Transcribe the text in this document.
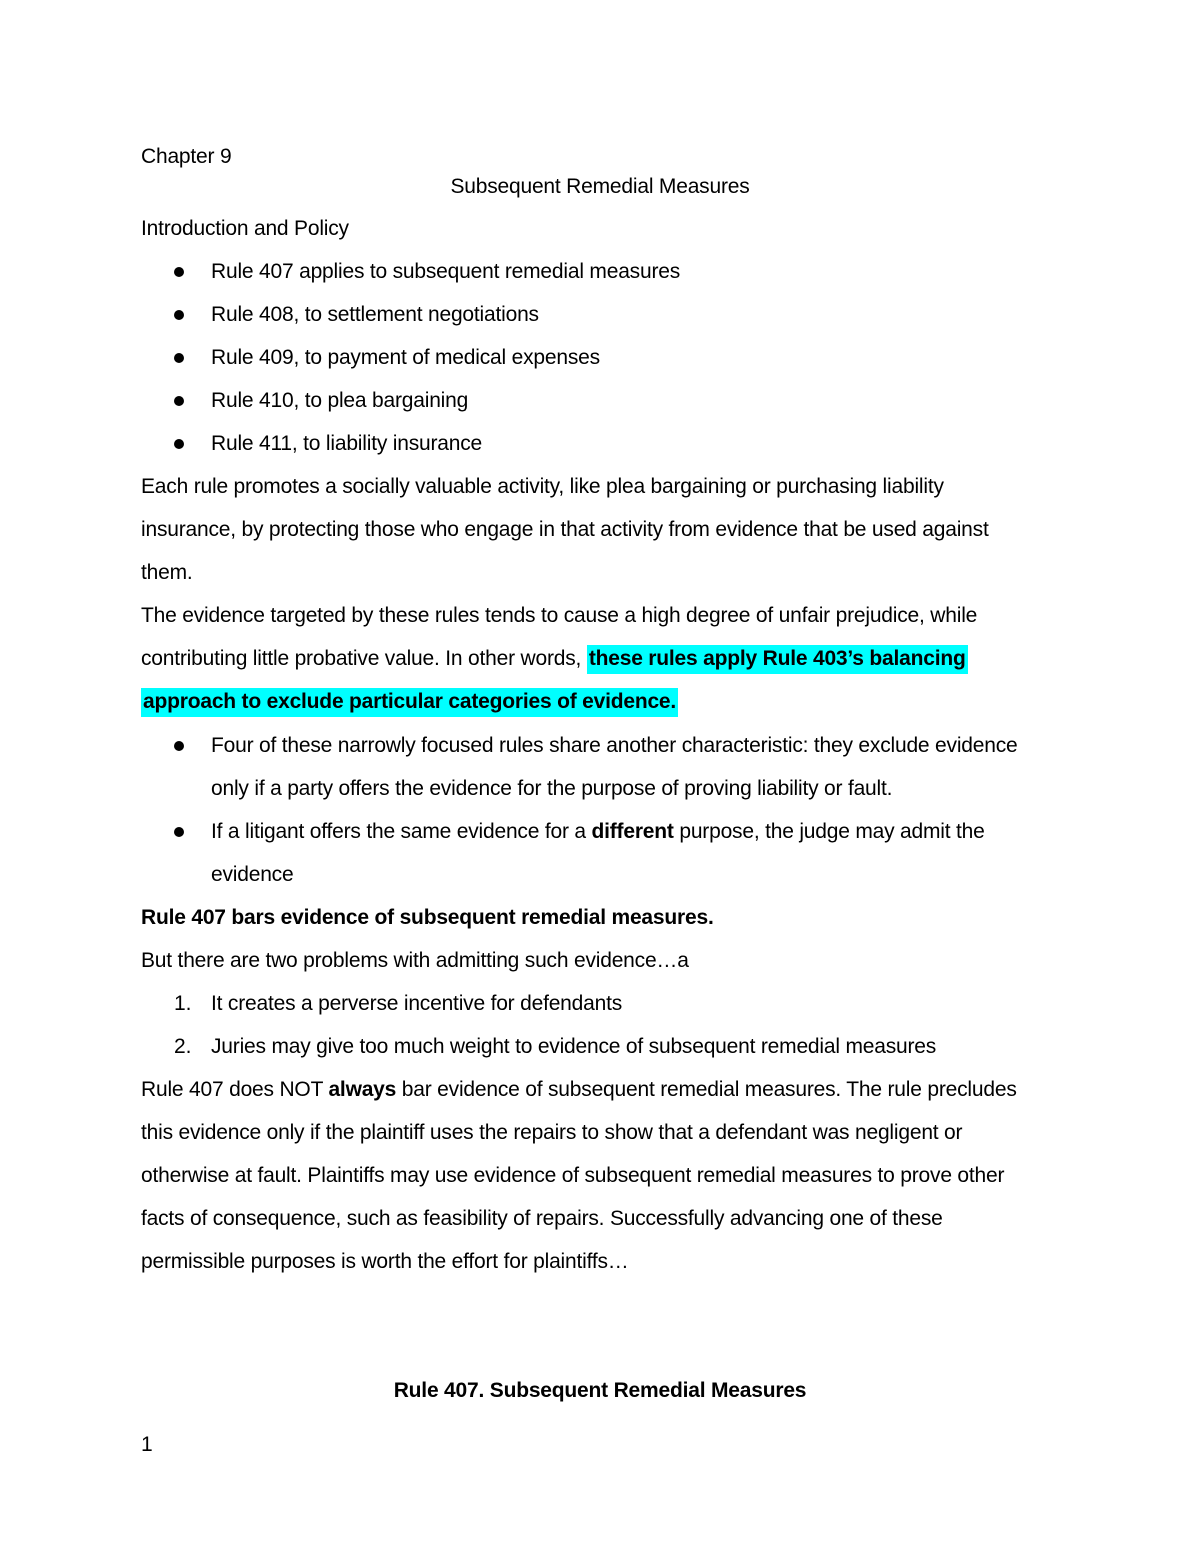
Chapter 9
Subsequent Remedial Measures
Introduction and Policy
Rule 407 applies to subsequent remedial measures
Rule 408, to settlement negotiations
Rule 409, to payment of medical expenses
Rule 410, to plea bargaining
Rule 411, to liability insurance
Each rule promotes a socially valuable activity, like plea bargaining or purchasing liability
insurance, by protecting those who engage in that activity from evidence that be used against
them.
The evidence targeted by these rules tends to cause a high degree of unfair prejudice, while
contributing little probative value. In other words, these rules apply Rule 403’s balancing
approach to exclude particular categories of evidence.
Four of these narrowly focused rules share another characteristic: they exclude evidence
only if a party offers the evidence for the purpose of proving liability or fault.
If a litigant offers the same evidence for a different purpose, the judge may admit the
evidence
Rule 407 bars evidence of subsequent remedial measures.
But there are two problems with admitting such evidence…a
1. It creates a perverse incentive for defendants
2. Juries may give too much weight to evidence of subsequent remedial measures
Rule 407 does NOT always bar evidence of subsequent remedial measures. The rule precludes
this evidence only if the plaintiff uses the repairs to show that a defendant was negligent or
otherwise at fault. Plaintiffs may use evidence of subsequent remedial measures to prove other
facts of consequence, such as feasibility of repairs. Successfully advancing one of these
permissible purposes is worth the effort for plaintiffs…
Rule 407. Subsequent Remedial Measures
1
